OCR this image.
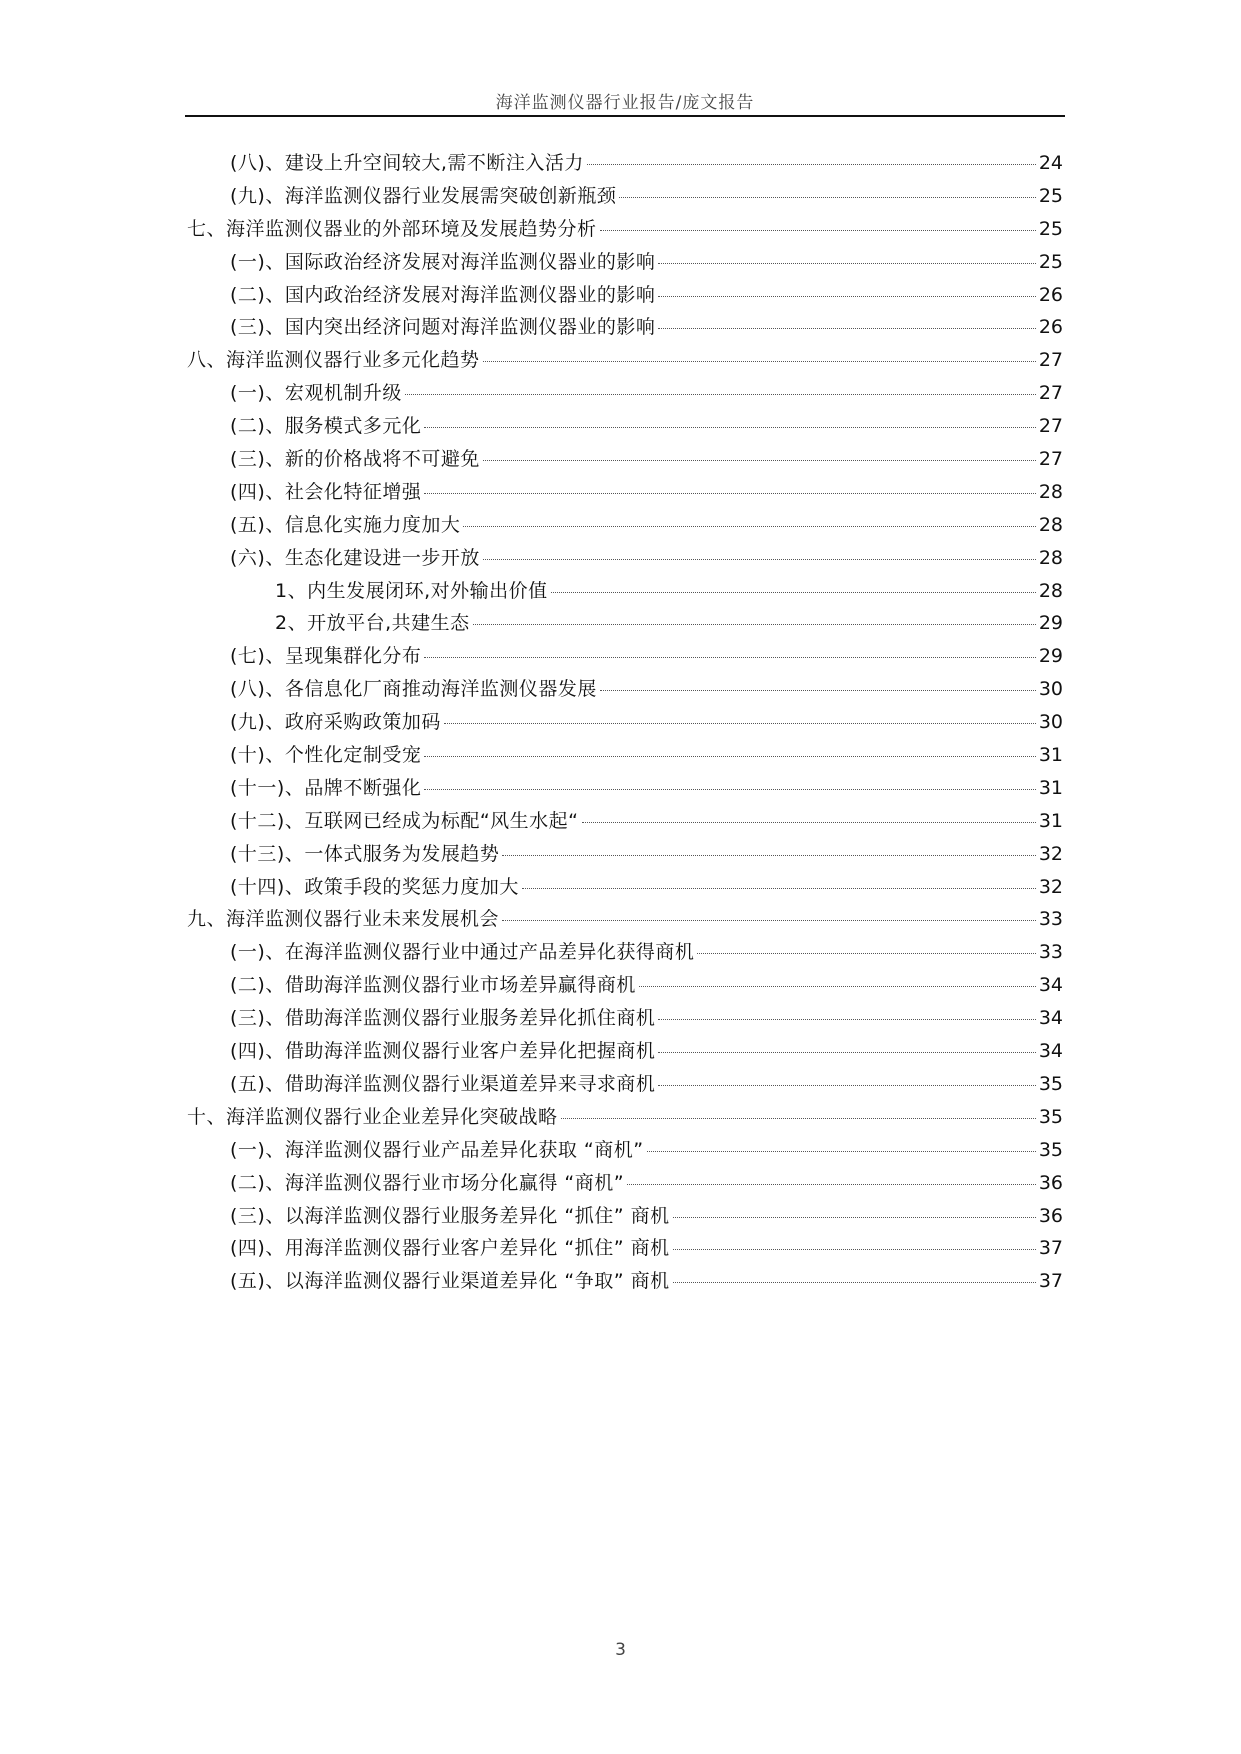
海洋监测仪器行业报告/庞文报告
(八)、建设上升空间较大,需不断注入活力	24
(九)、海洋监测仪器行业发展需突破创新瓶颈	25
七、海洋监测仪器业的外部环境及发展趋势分析	25
(一)、国际政治经济发展对海洋监测仪器业的影响	25
(二)、国内政治经济发展对海洋监测仪器业的影响	26
(三)、国内突出经济问题对海洋监测仪器业的影响	26
八、海洋监测仪器行业多元化趋势	27
(一)、宏观机制升级	27
(二)、服务模式多元化	27
(三)、新的价格战将不可避免	27
(四)、社会化特征增强	28
(五)、信息化实施力度加大	28
(六)、生态化建设进一步开放	28
1、内生发展闭环,对外输出价值	28
2、开放平台,共建生态	29
(七)、呈现集群化分布	29
(八)、各信息化厂商推动海洋监测仪器发展	30
(九)、政府采购政策加码	30
(十)、个性化定制受宠	31
(十一)、品牌不断强化	31
(十二)、互联网已经成为标配“风生水起“	31
(十三)、一体式服务为发展趋势	32
(十四)、政策手段的奖惩力度加大	32
九、海洋监测仪器行业未来发展机会	33
(一)、在海洋监测仪器行业中通过产品差异化获得商机	33
(二)、借助海洋监测仪器行业市场差异赢得商机	34
(三)、借助海洋监测仪器行业服务差异化抓住商机	34
(四)、借助海洋监测仪器行业客户差异化把握商机	34
(五)、借助海洋监测仪器行业渠道差异来寻求商机	35
十、海洋监测仪器行业企业差异化突破战略	35
(一)、海洋监测仪器行业产品差异化获取 “商机”	35
(二)、海洋监测仪器行业市场分化赢得 “商机”	36
(三)、以海洋监测仪器行业服务差异化 “抓住” 商机	36
(四)、用海洋监测仪器行业客户差异化 “抓住” 商机	37
(五)、以海洋监测仪器行业渠道差异化 “争取” 商机	37
3
